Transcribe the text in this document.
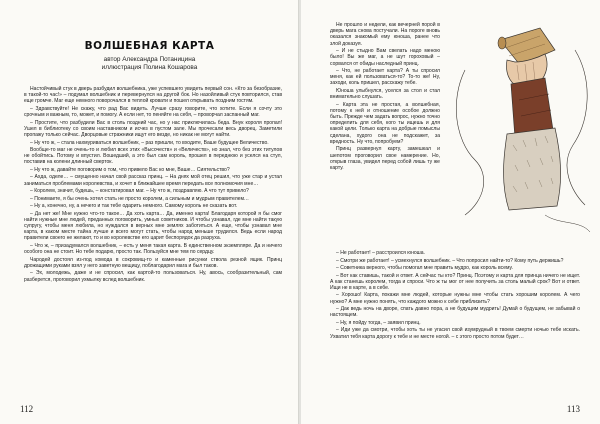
ВОЛШЕБНАЯ КАРТА
автор Александра Потаницина
иллюстрация Полина Кошарова
112	113

Настойчивый стук в дверь разбудил волшебника, уже успевшего увидеть первый сон. «Кто за безобразие, в такой-то час!» – подумал волшебник и перевернулся на другой бок. Но назойливый стук повторился, став еще громче. Маг еще немного поворочался в теплой кровати и пошел открывать поздним гостям.

– Здравствуйте! Не скажу, что рад Вас видеть. Лучше сразу говорите, что хотите. Если я сочту это срочным и важным, то, может, и помогу. А если нет, то пеняйте на себя, – проворчал заспанный маг.

– Простите, что разбудили Вас в столь поздний час, но у нас приключилась беда. Внук короля пропал! Ушел в библиотеку со своим наставником и исчез в пустом зале. Мы прочесали весь дворец. Заметили пропажу только сейчас. Дворцовые стражники ищут его везде, но никак не могут найти.

– Ну что ж, – стала нахмуриваться волшебник, – раз пришли, то входите, Ваше будущее Величество.

Вообще-то маг не очень-то и любил всех этих «Высочеств» и «Величеств», но знал, что без этих титулов не обойтись. Потому и впустил. Вошедший, а это был сам король, прошел в переднюю и уселся на стул, поставив на колени длинный сверток.

– Ну что ж, давайте поговорим о том, что привело Вас ко мне, Ваше… Сиятельство?

– Ахда, оделе… – смущенно начал свой рассказ принц. – На днях мой отец решил, что уже стар и устал заниматься проблемами королевства, и хочет в ближайшее время передать все полномочия мне…

– Королем, значит, будешь, – констатировал маг. – Ну что ж, поздравляю. А что тут привело?

– Понимаете, я бы очень хотел стать не просто королем, а сильным и мудрым правителем…

– Ну а, конечно, ну, а нечего и так тебе одарить немного. Самому король не сказать вот.

– Да нет же! Мне нужно что-то такое… Да хоть карта… Да, именно карта! Благодаря которой я бы смог найти нужные мне людей, преданных поговорить, умных советников. И чтобы узнавал, где мне найти такую супругу, чтобы меня любила, но нуждался в верных мне землях заботиться. А еще, чтобы узнавал мне карта, в каком месте тайна лучше и всего могут стать, чтобы народ меньше трудился. Ведь если народ правители своего не желают, то и во королевстве его царит беспорядок да разруха.

– Что ж, – призадумался волшебник, – есть у меня такая карта. В единственном экземпляре. Да и ничего особого она не стоит. Но тебе подарю, просто так. Пользуйся мне тем по сердцу.

Чародей достоял из-под комода в сокровищ-то и каменные рисунки ствола резной ящик. Принц дрожащими руками взял у него заветную вещицу, поблагодарил мага и был таков.

– Эх, молодежь, даже и не спросил, как картой-то пользоваться. Ну, авось, сообразительный, сам разберется, проговорил ухмылку вслед волшебник.

Не прошло и недели, как вечерней порой в дверь мага снова постучали. На пороге вновь оказался знакомый ему юноша, ранее что злой доказуя.

– И не стыдно Вам свелать надо меною было! Вы же маг, а не шут гороховый – сорвался от обиды наследный принц.

– Что, не работает карта? А ты спросил меня, как ей пользоваться-то? То-то же! Ну, заходи, коль пришел, расскажу тебе.

Юноша улыбнулся, уселся за стол и стал внимательно слушать.

– Карта эта не простая, а волшебная, потому к ней и отношение особое должно быть. Прежде чем задать вопрос, нужно точно определить для себя, кого ты ищешь и для какой цели. Только карта на добрые помыслы сделана, худого она не подскажет, за вредность. Ну что, попробуем?

Принц развернул карту, замешкал и шепотом проговорил свое намерение. Но, открыв глаза, увидел перед собой лишь ту же карту.

– Не работает! – расстроился юноша.

– Смотри же работает! – усмехнулся волшебник. – Что попросил найти-то? Кому путь держишь?

– Советника верного, чтобы помогал мне править мудро, как король всему.

– Вот как ставишь, такой и ответ. А сейчас ты кто? Принц. Поэтому и карта для принца ничего не ищет. А как станешь королем, тогда и спроси. Что ж ты мог от нее получить за столь малый срок? Вот и ответ. Ищи не в карте, а в себе.

– Хорошо! Карта, покажи мне людей, которые нужны мне чтобы стать хорошим королем. А чего нужно? А мне нужно понять, что каждого можно к себе приблизить?

– Дак ведь ночь на дворе, спать давно пора, а не будущим мудрить! Думай о будущем, не забывай о настоящем.

– Ну, я пойду тогда, – заявил принц.

– Иди уже да смотри, чтобы хоть ты не угасил свой изумрудный в твоем смерти ночью тебе искать. Ухватил тебя карта дорогу к тебе и не месте ногой. – с этого просто потом будет…
